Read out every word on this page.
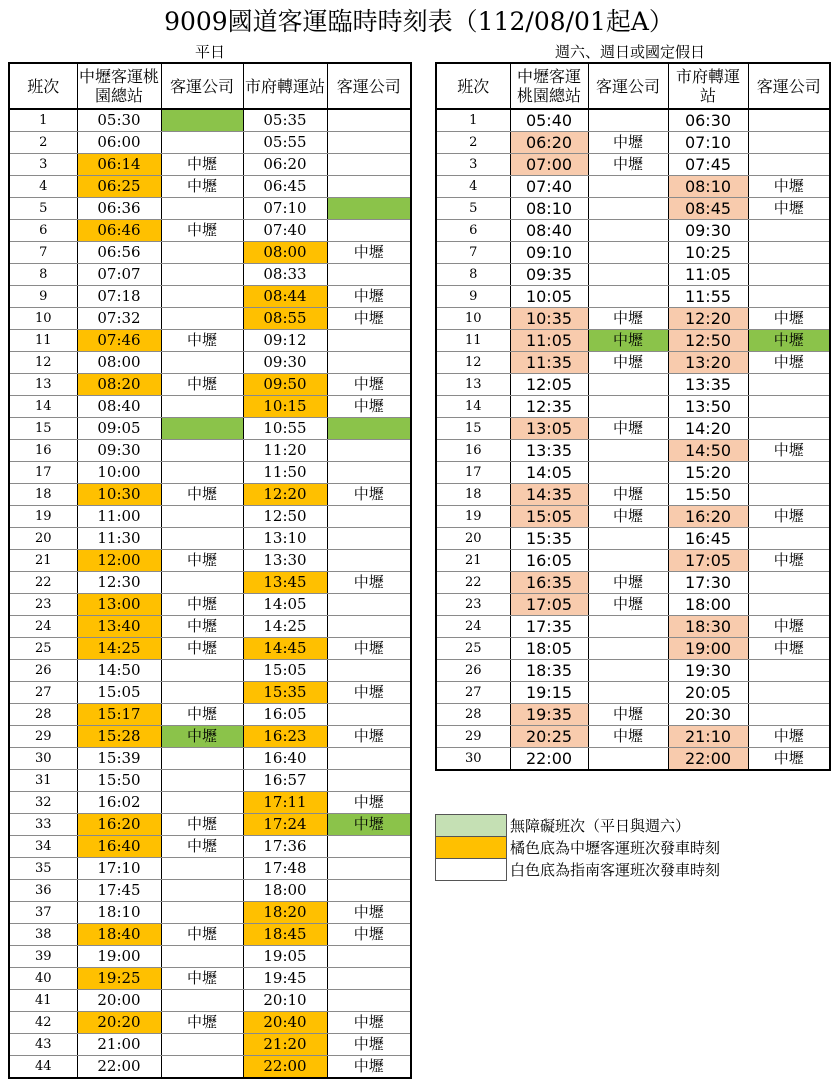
9009國道客運臨時時刻表（112/08/01起A）
平日	週六、週日或國定假日
班次	中壢客運桃園總站	客運公司	市府轉運站	客運公司
1	05:30		05:35	
2	06:00		05:55	
3	06:14	中壢	06:20	
4	06:25	中壢	06:45	
5	06:36		07:10	
6	06:46	中壢	07:40	
7	06:56		08:00	中壢
8	07:07		08:33	
9	07:18		08:44	中壢
10	07:32		08:55	中壢
11	07:46	中壢	09:12	
12	08:00		09:30	
13	08:20	中壢	09:50	中壢
14	08:40		10:15	中壢
15	09:05		10:55	
16	09:30		11:20	
17	10:00		11:50	
18	10:30	中壢	12:20	中壢
19	11:00		12:50	
20	11:30		13:10	
21	12:00	中壢	13:30	
22	12:30		13:45	中壢
23	13:00	中壢	14:05	
24	13:40	中壢	14:25	
25	14:25	中壢	14:45	中壢
26	14:50		15:05	
27	15:05		15:35	中壢
28	15:17	中壢	16:05	
29	15:28	中壢	16:23	中壢
30	15:39		16:40	
31	15:50		16:57	
32	16:02		17:11	中壢
33	16:20	中壢	17:24	中壢
34	16:40	中壢	17:36	
35	17:10		17:48	
36	17:45		18:00	
37	18:10		18:20	中壢
38	18:40	中壢	18:45	中壢
39	19:00		19:05	
40	19:25	中壢	19:45	
41	20:00		20:10	
42	20:20	中壢	20:40	中壢
43	21:00		21:20	中壢
44	22:00		22:00	中壢
班次	中壢客運桃園總站	客運公司	市府轉運站	客運公司
1	05:40		06:30	
2	06:20	中壢	07:10	
3	07:00	中壢	07:45	
4	07:40		08:10	中壢
5	08:10		08:45	中壢
6	08:40		09:30	
7	09:10		10:25	
8	09:35		11:05	
9	10:05		11:55	
10	10:35	中壢	12:20	中壢
11	11:05	中壢	12:50	中壢
12	11:35	中壢	13:20	中壢
13	12:05		13:35	
14	12:35		13:50	
15	13:05	中壢	14:20	
16	13:35		14:50	中壢
17	14:05		15:20	
18	14:35	中壢	15:50	
19	15:05	中壢	16:20	中壢
20	15:35		16:45	
21	16:05		17:05	中壢
22	16:35	中壢	17:30	
23	17:05	中壢	18:00	
24	17:35		18:30	中壢
25	18:05		19:00	中壢
26	18:35		19:30	
27	19:15		20:05	
28	19:35	中壢	20:30	
29	20:25	中壢	21:10	中壢
30	22:00		22:00	中壢
	無障礙班次（平日與週六）
	橘色底為中壢客運班次發車時刻
	白色底為指南客運班次發車時刻
